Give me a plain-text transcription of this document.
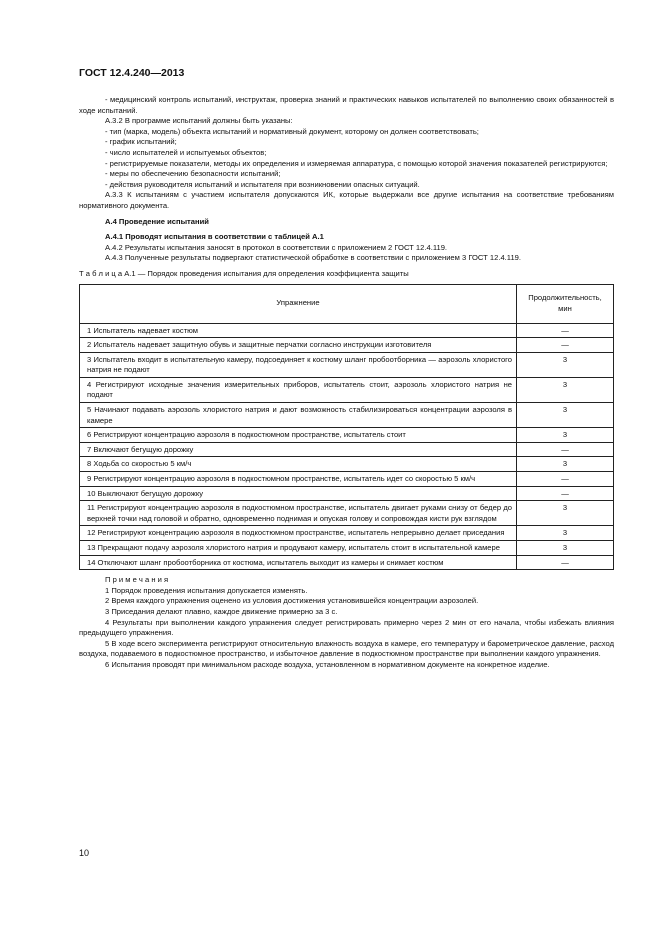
ГОСТ 12.4.240—2013

- медицинский контроль испытаний, инструктаж, проверка знаний и практических навыков испытателей по выполнению своих обязанностей в ходе испытаний.

А.3.2 В программе испытаний должны быть указаны:

- тип (марка, модель) объекта испытаний и нормативный документ, которому он должен соответствовать;

- график испытаний;

- число испытателей и испытуемых объектов;

- регистрируемые показатели, методы их определения и измеряемая аппаратура, с помощью которой значения показателей регистрируются;

- меры по обеспечению безопасности испытаний;

- действия руководителя испытаний и испытателя при возникновении опасных ситуаций.

А.3.3 К испытаниям с участием испытателя допускаются ИК, которые выдержали все другие испытания на соответствие требованиям нормативного документа.

А.4 Проведение испытаний

А.4.1 Проводят испытания в соответствии с таблицей А.1

А.4.2 Результаты испытания заносят в протокол в соответствии с приложением 2 ГОСТ 12.4.119.

А.4.3 Полученные результаты подвергают статистической обработке в соответствии с приложением 3 ГОСТ 12.4.119.

Т а б л и ц а А.1 — Порядок проведения испытания для определения коэффициента защиты

Упражнение	Продолжительность, мин
1 Испытатель надевает костюм	—
2 Испытатель надевает защитную обувь и защитные перчатки согласно инструкции изготовителя	—
3 Испытатель входит в испытательную камеру, подсоединяет к костюму шланг пробоотборника — аэрозоль хлористого натрия не подают	3
4 Регистрируют исходные значения измерительных приборов, испытатель стоит, аэрозоль хлористого натрия не подают	3
5 Начинают подавать аэрозоль хлористого натрия и дают возможность стабилизироваться концентрации аэрозоля в камере	3
6 Регистрируют концентрацию аэрозоля в подкостюмном пространстве, испытатель стоит	3
7 Включают бегущую дорожку	—
8 Ходьба со скоростью 5 км/ч	3
9 Регистрируют концентрацию аэрозоля в подкостюмном пространстве, испытатель идет со скоростью 5 км/ч	—
10 Выключают бегущую дорожку	—
11 Регистрируют концентрацию аэрозоля в подкостюмном пространстве, испытатель двигает руками снизу от бедер до верхней точки над головой и обратно, одновременно поднимая и опуская голову и сопровождая кисти рук взглядом	3
12 Регистрируют концентрацию аэрозоля в подкостюмном пространстве, испытатель непрерывно делает приседания	3
13 Прекращают подачу аэрозоля хлористого натрия и продувают камеру, испытатель стоит в испытательной камере	3
14 Отключают шланг пробоотборника от костюма, испытатель выходит из камеры и снимает костюм	—

П р и м е ч а н и я

1 Порядок проведения испытания допускается изменять.

2 Время каждого упражнения оценено из условия достижения установившейся концентрации аэрозолей.

3 Приседания делают плавно, каждое движение примерно за 3 с.

4 Результаты при выполнении каждого упражнения следует регистрировать примерно через 2 мин от его начала, чтобы избежать влияния предыдущего упражнения.

5 В ходе всего эксперимента регистрируют относительную влажность воздуха в камере, его температуру и барометрическое давление, расход воздуха, подаваемого в подкостюмное пространство, и избыточное давление в подкостюмном пространстве при выполнении каждого упражнения.

6 Испытания проводят при минимальном расходе воздуха, установленном в нормативном документе на конкретное изделие.

10
